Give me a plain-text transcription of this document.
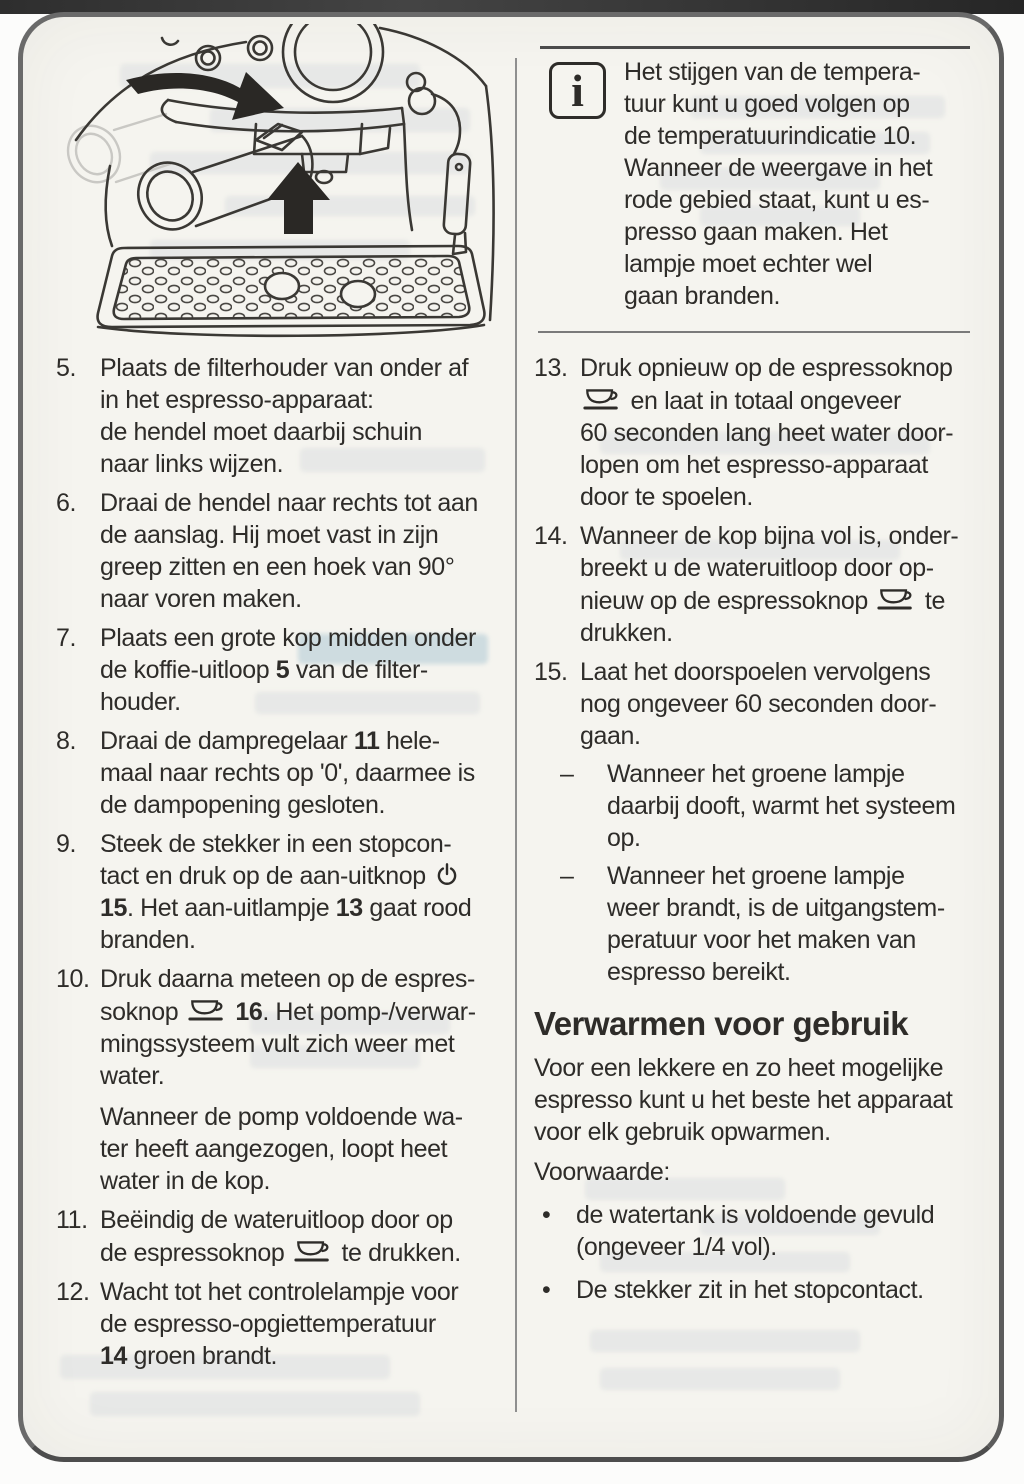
i	Het stijgen van de tempera-
tuur kunt u goed volgen op
de temperatuurindicatie 10.
Wanneer de weergave in het
rode gebied staat, kunt u es-
presso gaan maken. Het
lampje moet echter wel
gaan branden.
5. Plaats de filterhouder van onder af
in het espresso-apparaat:
de hendel moet daarbij schuin
naar links wijzen.
6. Draai de hendel naar rechts tot aan
de aanslag. Hij moet vast in zijn
greep zitten en een hoek van 90°
naar voren maken.
7. Plaats een grote kop midden onder
de koffie-uitloop 5 van de filter-
houder.
8. Draai de dampregelaar 11 hele-
maal naar rechts op '0', daarmee is
de dampopening gesloten.
9. Steek de stekker in een stopcon-
tact en druk op de aan-uitknop
15. Het aan-uitlampje 13 gaat rood
branden.
10. Druk daarna meteen op de espres-
soknop
16. Het pomp-/verwar-
mingssysteem vult zich weer met
water.
Wanneer de pomp voldoende wa-
ter heeft aangezogen, loopt heet
water in de kop.
11. Beëindig de wateruitloop door op
de espressoknop
te drukken.
12. Wacht tot het controlelampje voor
de espresso-opgiettemperatuur
14 groen brandt.
13. Druk opnieuw op de espressoknop
en laat in totaal ongeveer
60 seconden lang heet water door-
lopen om het espresso-apparaat
door te spoelen.
14. Wanneer de kop bijna vol is, onder-
breekt u de wateruitloop door op-
nieuw op de espressoknop
te
drukken.
15. Laat het doorspoelen vervolgens
nog ongeveer 60 seconden door-
gaan.
–	Wanneer het groene lampje
daarbij dooft, warmt het systeem
op.
–	Wanneer het groene lampje
weer brandt, is de uitgangstem-
peratuur voor het maken van
espresso bereikt.
Verwarmen voor gebruik
Voor een lekkere en zo heet mogelijke
espresso kunt u het beste het apparaat
voor elk gebruik opwarmen.
Voorwaarde:
•	de watertank is voldoende gevuld
(ongeveer 1/4 vol).
•	De stekker zit in het stopcontact.
